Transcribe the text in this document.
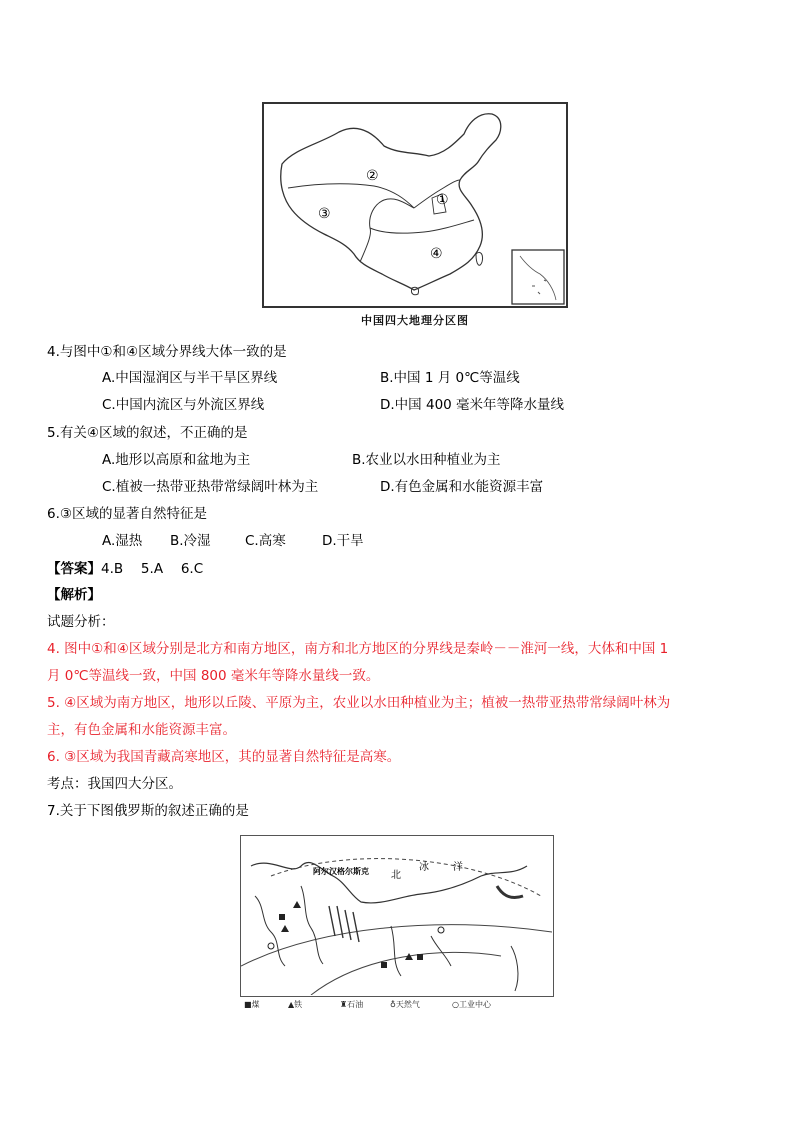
①
②
③
④
中国四大地理分区图
4.与图中①和④区域分界线大体一致的是
A.中国湿润区与半干旱区界线	B.中国 1 月 0℃等温线
C.中国内流区与外流区界线	D.中国 400 毫米年等降水量线
5.有关④区域的叙述，不正确的是
A.地形以高原和盆地为主	B.农业以水田种植业为主
C.植被一热带亚热带常绿阔叶林为主	D.有色金属和水能资源丰富
6.③区域的显著自然特征是
A.湿热 B.冷湿	C.高寒	D.干旱
【答案】4.B　 5.A　 6.C
【解析】
试题分析：
4. 图中①和④区域分别是北方和南方地区，南方和北方地区的分界线是秦岭－－淮河一线，大体和中国 1
月 0℃等温线一致，中国 800 毫米年等降水量线一致。
5. ④区域为南方地区，地形以丘陵、平原为主，农业以水田种植业为主；植被一热带亚热带常绿阔叶林为
主，有色金属和水能资源丰富。
6. ③区域为我国青藏高寒地区，其的显著自然特征是高寒。
考点：我国四大分区。
7.关于下图俄罗斯的叙述正确的是
阿尔汉格尔斯克 北
冰 洋
■煤	▲铁	♜石油	♁天然气	○工业中心
